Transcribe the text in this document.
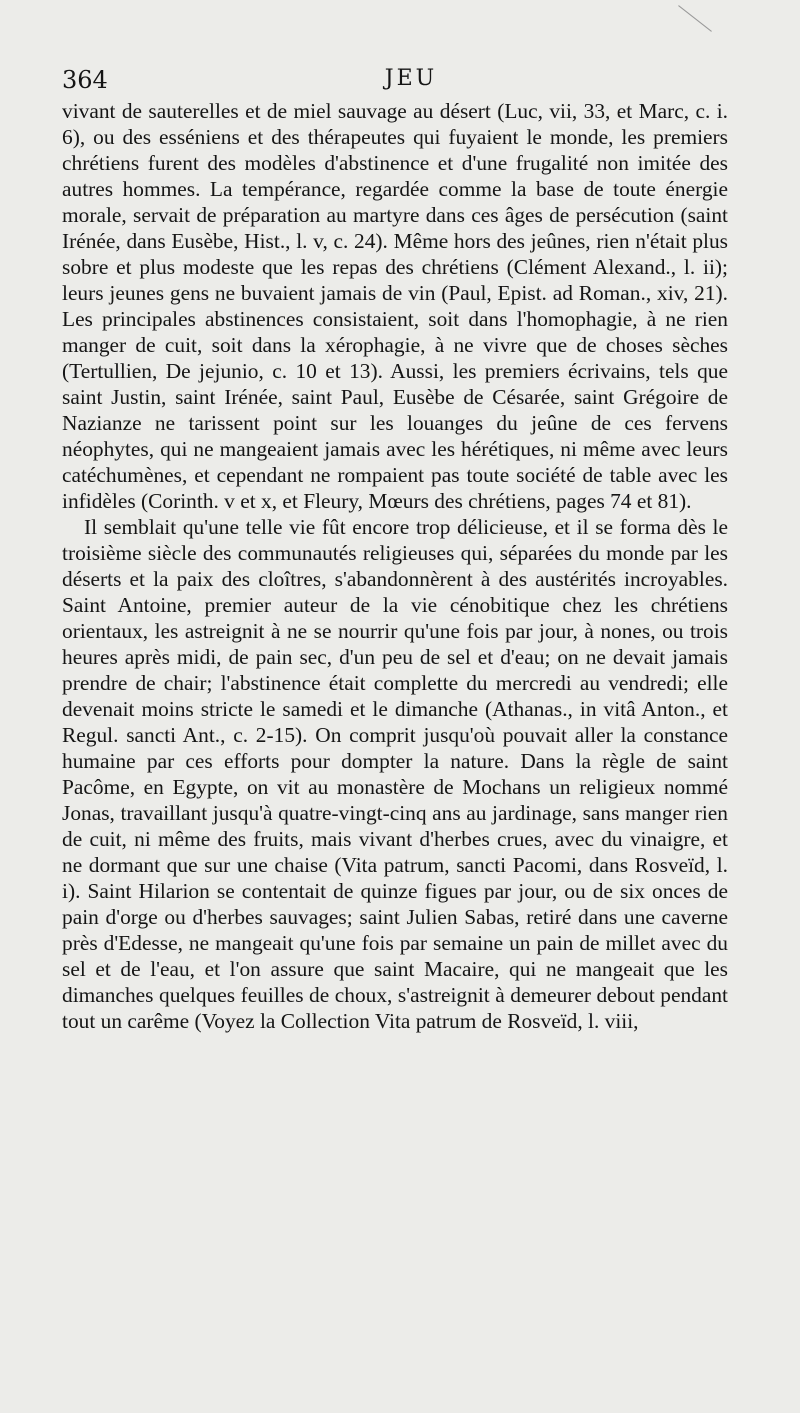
364	JEU

vivant de sauterelles et de miel sauvage au désert (Luc, vii, 33, et Marc, c. i. 6), ou des esséniens et des thérapeutes qui fuyaient le monde, les premiers chrétiens furent des modèles d'abstinence et d'une frugalité non imitée des autres hommes. La tempérance, regardée comme la base de toute énergie morale, servait de préparation au martyre dans ces âges de persécution (saint Irénée, dans Eusèbe, Hist., l. v, c. 24). Même hors des jeûnes, rien n'était plus sobre et plus modeste que les repas des chrétiens (Clément Alexand., l. ii); leurs jeunes gens ne buvaient jamais de vin (Paul, Epist. ad Roman., xiv, 21). Les principales abstinences consistaient, soit dans l'homophagie, à ne rien manger de cuit, soit dans la xérophagie, à ne vivre que de choses sèches (Tertullien, De jejunio, c. 10 et 13). Aussi, les premiers écrivains, tels que saint Justin, saint Irénée, saint Paul, Eusèbe de Césarée, saint Grégoire de Nazianze ne tarissent point sur les louanges du jeûne de ces fervens néophytes, qui ne mangeaient jamais avec les hérétiques, ni même avec leurs catéchumènes, et cependant ne rompaient pas toute société de table avec les infidèles (Corinth. v et x, et Fleury, Mœurs des chrétiens, pages 74 et 81).

Il semblait qu'une telle vie fût encore trop délicieuse, et il se forma dès le troisième siècle des communautés religieuses qui, séparées du monde par les déserts et la paix des cloîtres, s'abandonnèrent à des austérités incroyables. Saint Antoine, premier auteur de la vie cénobitique chez les chrétiens orientaux, les astreignit à ne se nourrir qu'une fois par jour, à nones, ou trois heures après midi, de pain sec, d'un peu de sel et d'eau; on ne devait jamais prendre de chair; l'abstinence était complette du mercredi au vendredi; elle devenait moins stricte le samedi et le dimanche (Athanas., in vitâ Anton., et Regul. sancti Ant., c. 2-15). On comprit jusqu'où pouvait aller la constance humaine par ces efforts pour dompter la nature. Dans la règle de saint Pacôme, en Egypte, on vit au monastère de Mochans un religieux nommé Jonas, travaillant jusqu'à quatre-vingt-cinq ans au jardinage, sans manger rien de cuit, ni même des fruits, mais vivant d'herbes crues, avec du vinaigre, et ne dormant que sur une chaise (Vita patrum, sancti Pacomi, dans Rosveïd, l. i). Saint Hilarion se contentait de quinze figues par jour, ou de six onces de pain d'orge ou d'herbes sauvages; saint Julien Sabas, retiré dans une caverne près d'Edesse, ne mangeait qu'une fois par semaine un pain de millet avec du sel et de l'eau, et l'on assure que saint Macaire, qui ne mangeait que les dimanches quelques feuilles de choux, s'astreignit à demeurer debout pendant tout un carême (Voyez la Collection Vita patrum de Rosveïd, l. viii,
